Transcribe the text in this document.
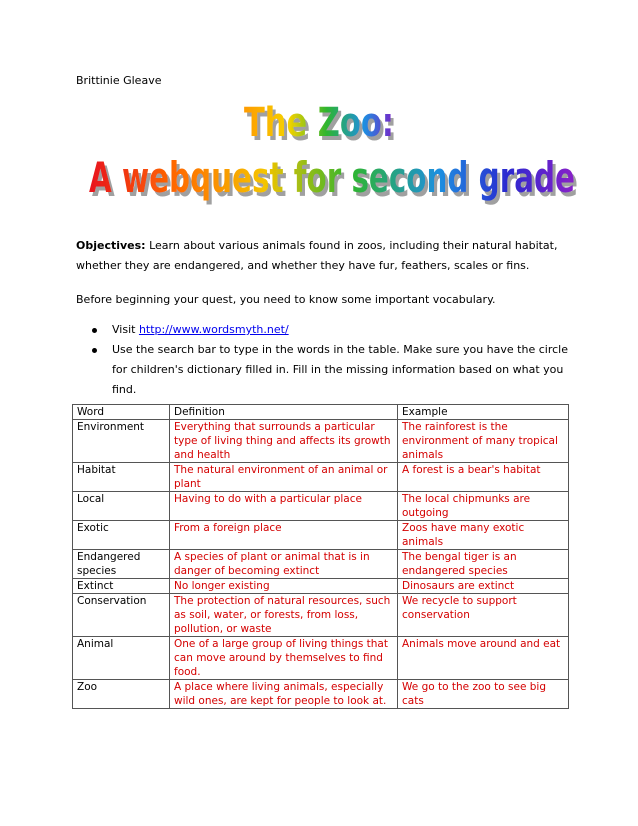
Brittinie Gleave
The Zoo:
A webquest for second grade
Objectives: Learn about various animals found in zoos, including their natural habitat, whether they are endangered, and whether they have fur, feathers, scales or fins.
Before beginning your quest, you need to know some important vocabulary.
Visit http://www.wordsmyth.net/
Use the search bar to type in the words in the table. Make sure you have the circle for children's dictionary filled in. Fill in the missing information based on what you find.
Word	Definition	Example
Environment	Everything that surrounds a particular type of living thing and affects its growth and health	The rainforest is the environment of many tropical animals
Habitat	The natural environment of an animal or plant	A forest is a bear's habitat
Local	Having to do with a particular place	The local chipmunks are outgoing
Exotic	From a foreign place	Zoos have many exotic animals
Endangered species	A species of plant or animal that is in danger of becoming extinct	The bengal tiger is an endangered species
Extinct	No longer existing	Dinosaurs are extinct
Conservation	The protection of natural resources, such as soil, water, or forests, from loss, pollution, or waste	We recycle to support conservation
Animal	One of a large group of living things that can move around by themselves to find food.	Animals move around and eat
Zoo	A place where living animals, especially wild ones, are kept for people to look at.	We go to the zoo to see big cats
